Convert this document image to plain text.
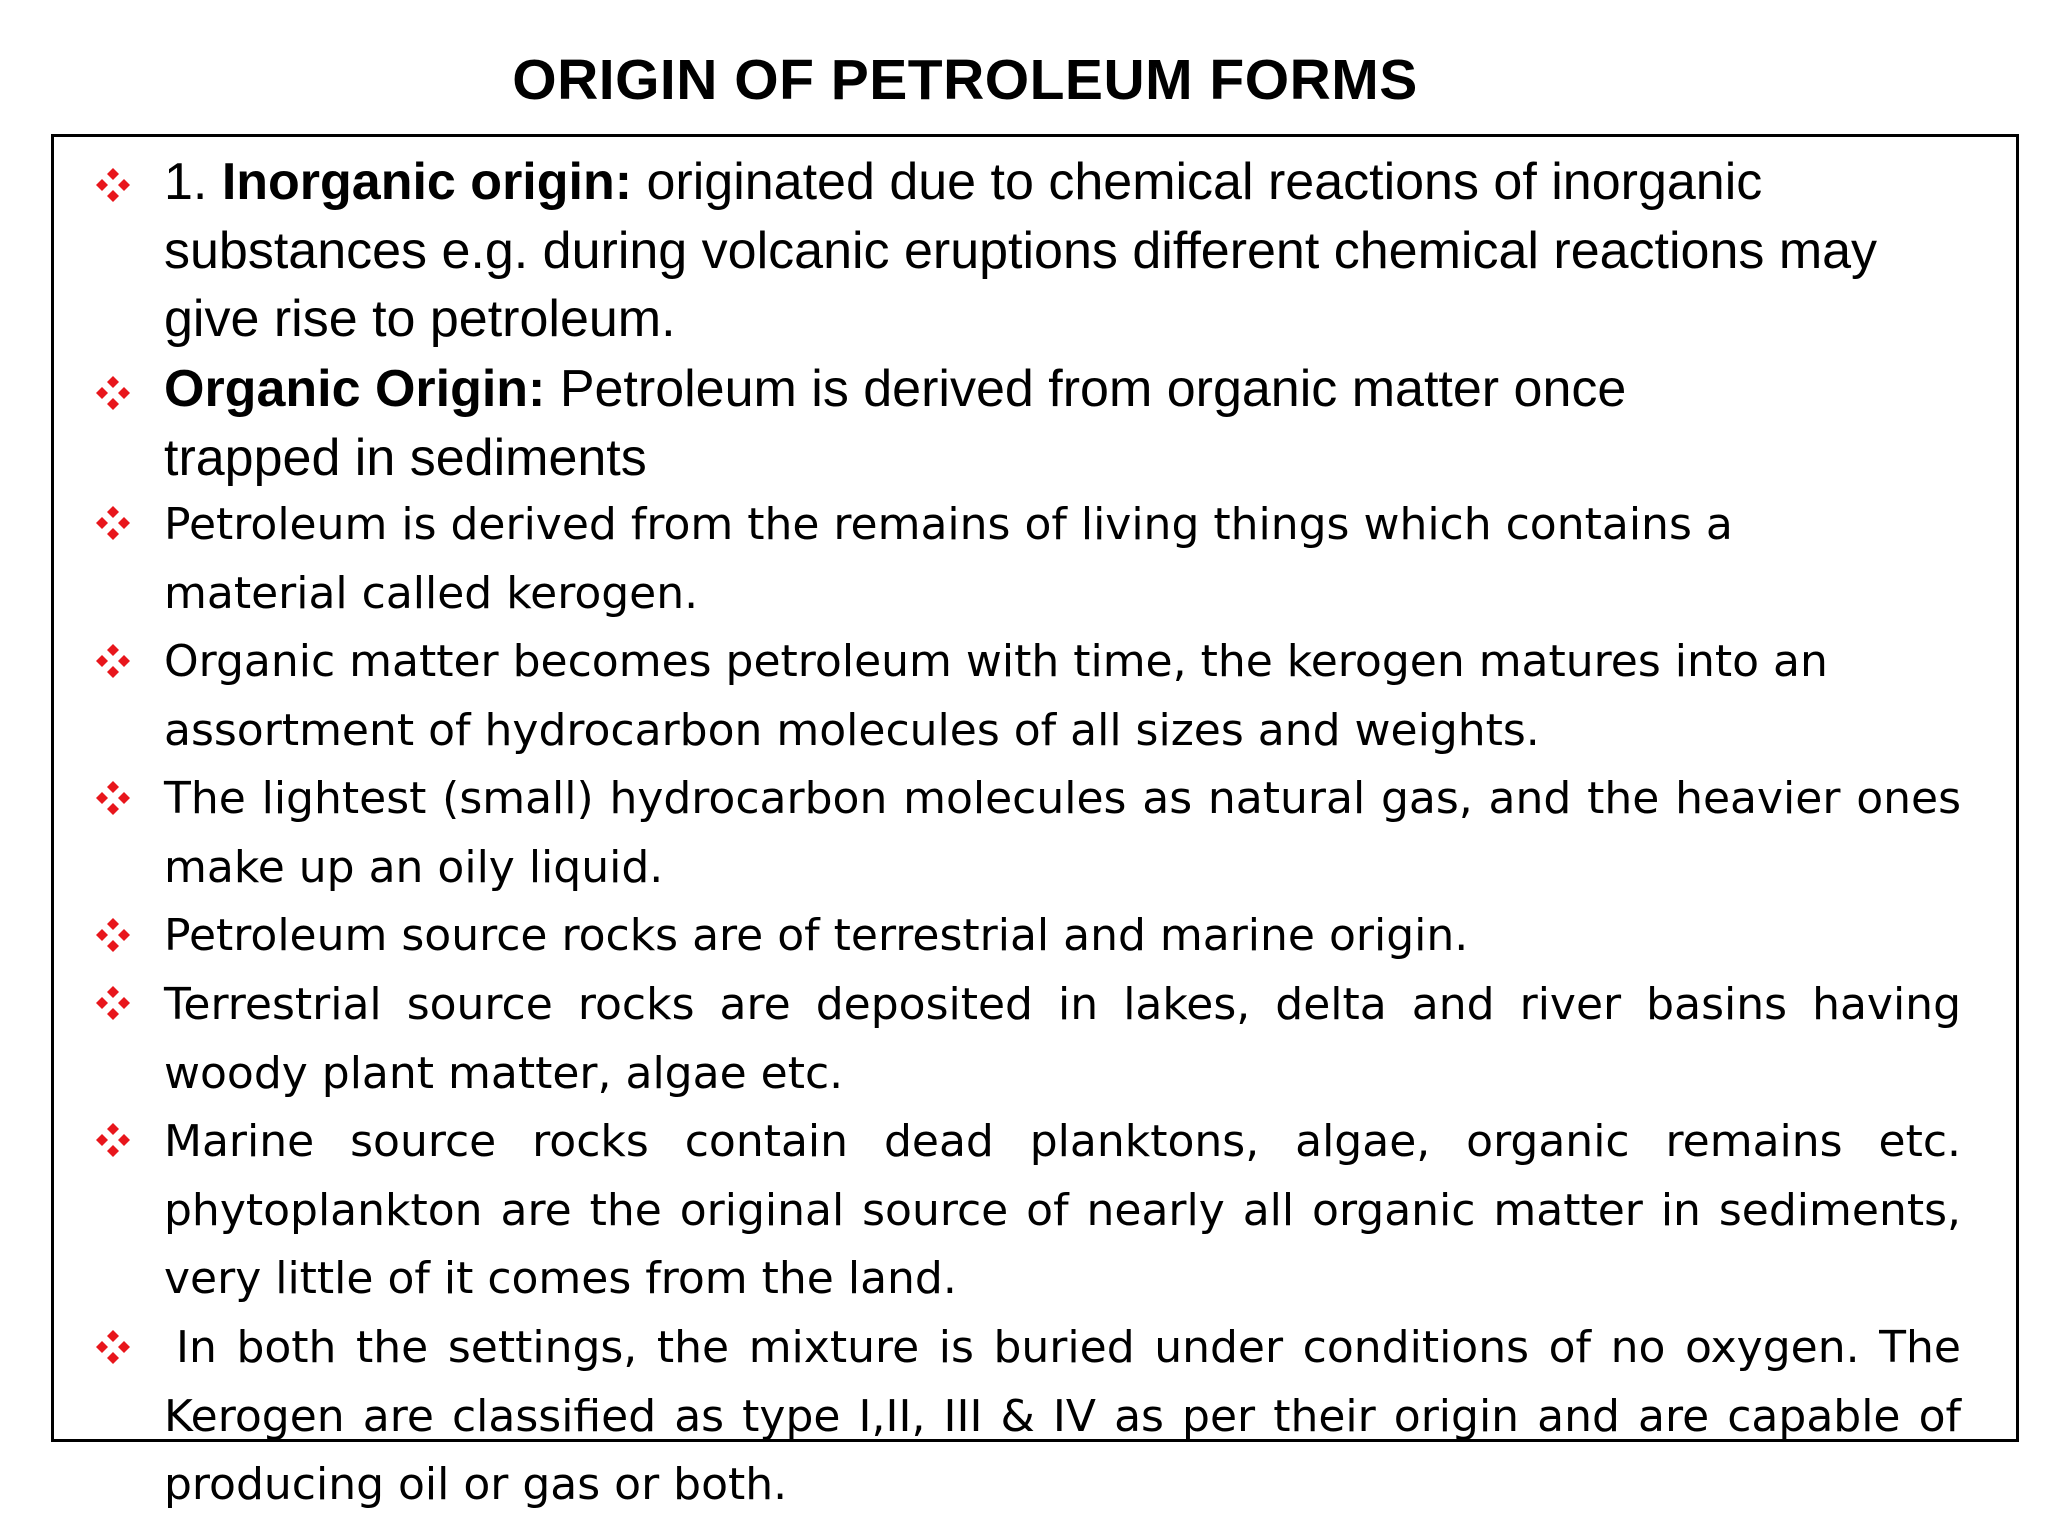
ORIGIN OF PETROLEUM FORMS
1. Inorganic origin: originated due to chemical reactions of inorganic substances e.g. during volcanic eruptions different chemical reactions may give rise to petroleum.
Organic Origin: Petroleum is derived from organic matter once trapped in sediments
Petroleum is derived from the remains of living things which contains a material called kerogen.
Organic matter becomes petroleum with time, the kerogen matures into an assortment of hydrocarbon molecules of all sizes and weights.
The lightest (small) hydrocarbon molecules as natural gas, and the heavier ones make up an oily liquid.
Petroleum source rocks are of terrestrial and marine origin.
Terrestrial source rocks are deposited in lakes, delta and river basins having woody plant matter, algae etc.
Marine source rocks contain dead planktons, algae, organic remains etc. phytoplankton are the original source of nearly all organic matter in sediments, very little of it comes from the land.
In both the settings, the mixture is buried under conditions of no oxygen. The Kerogen are classified as type I,II, III & IV as per their origin and are capable of producing oil or gas or both.
